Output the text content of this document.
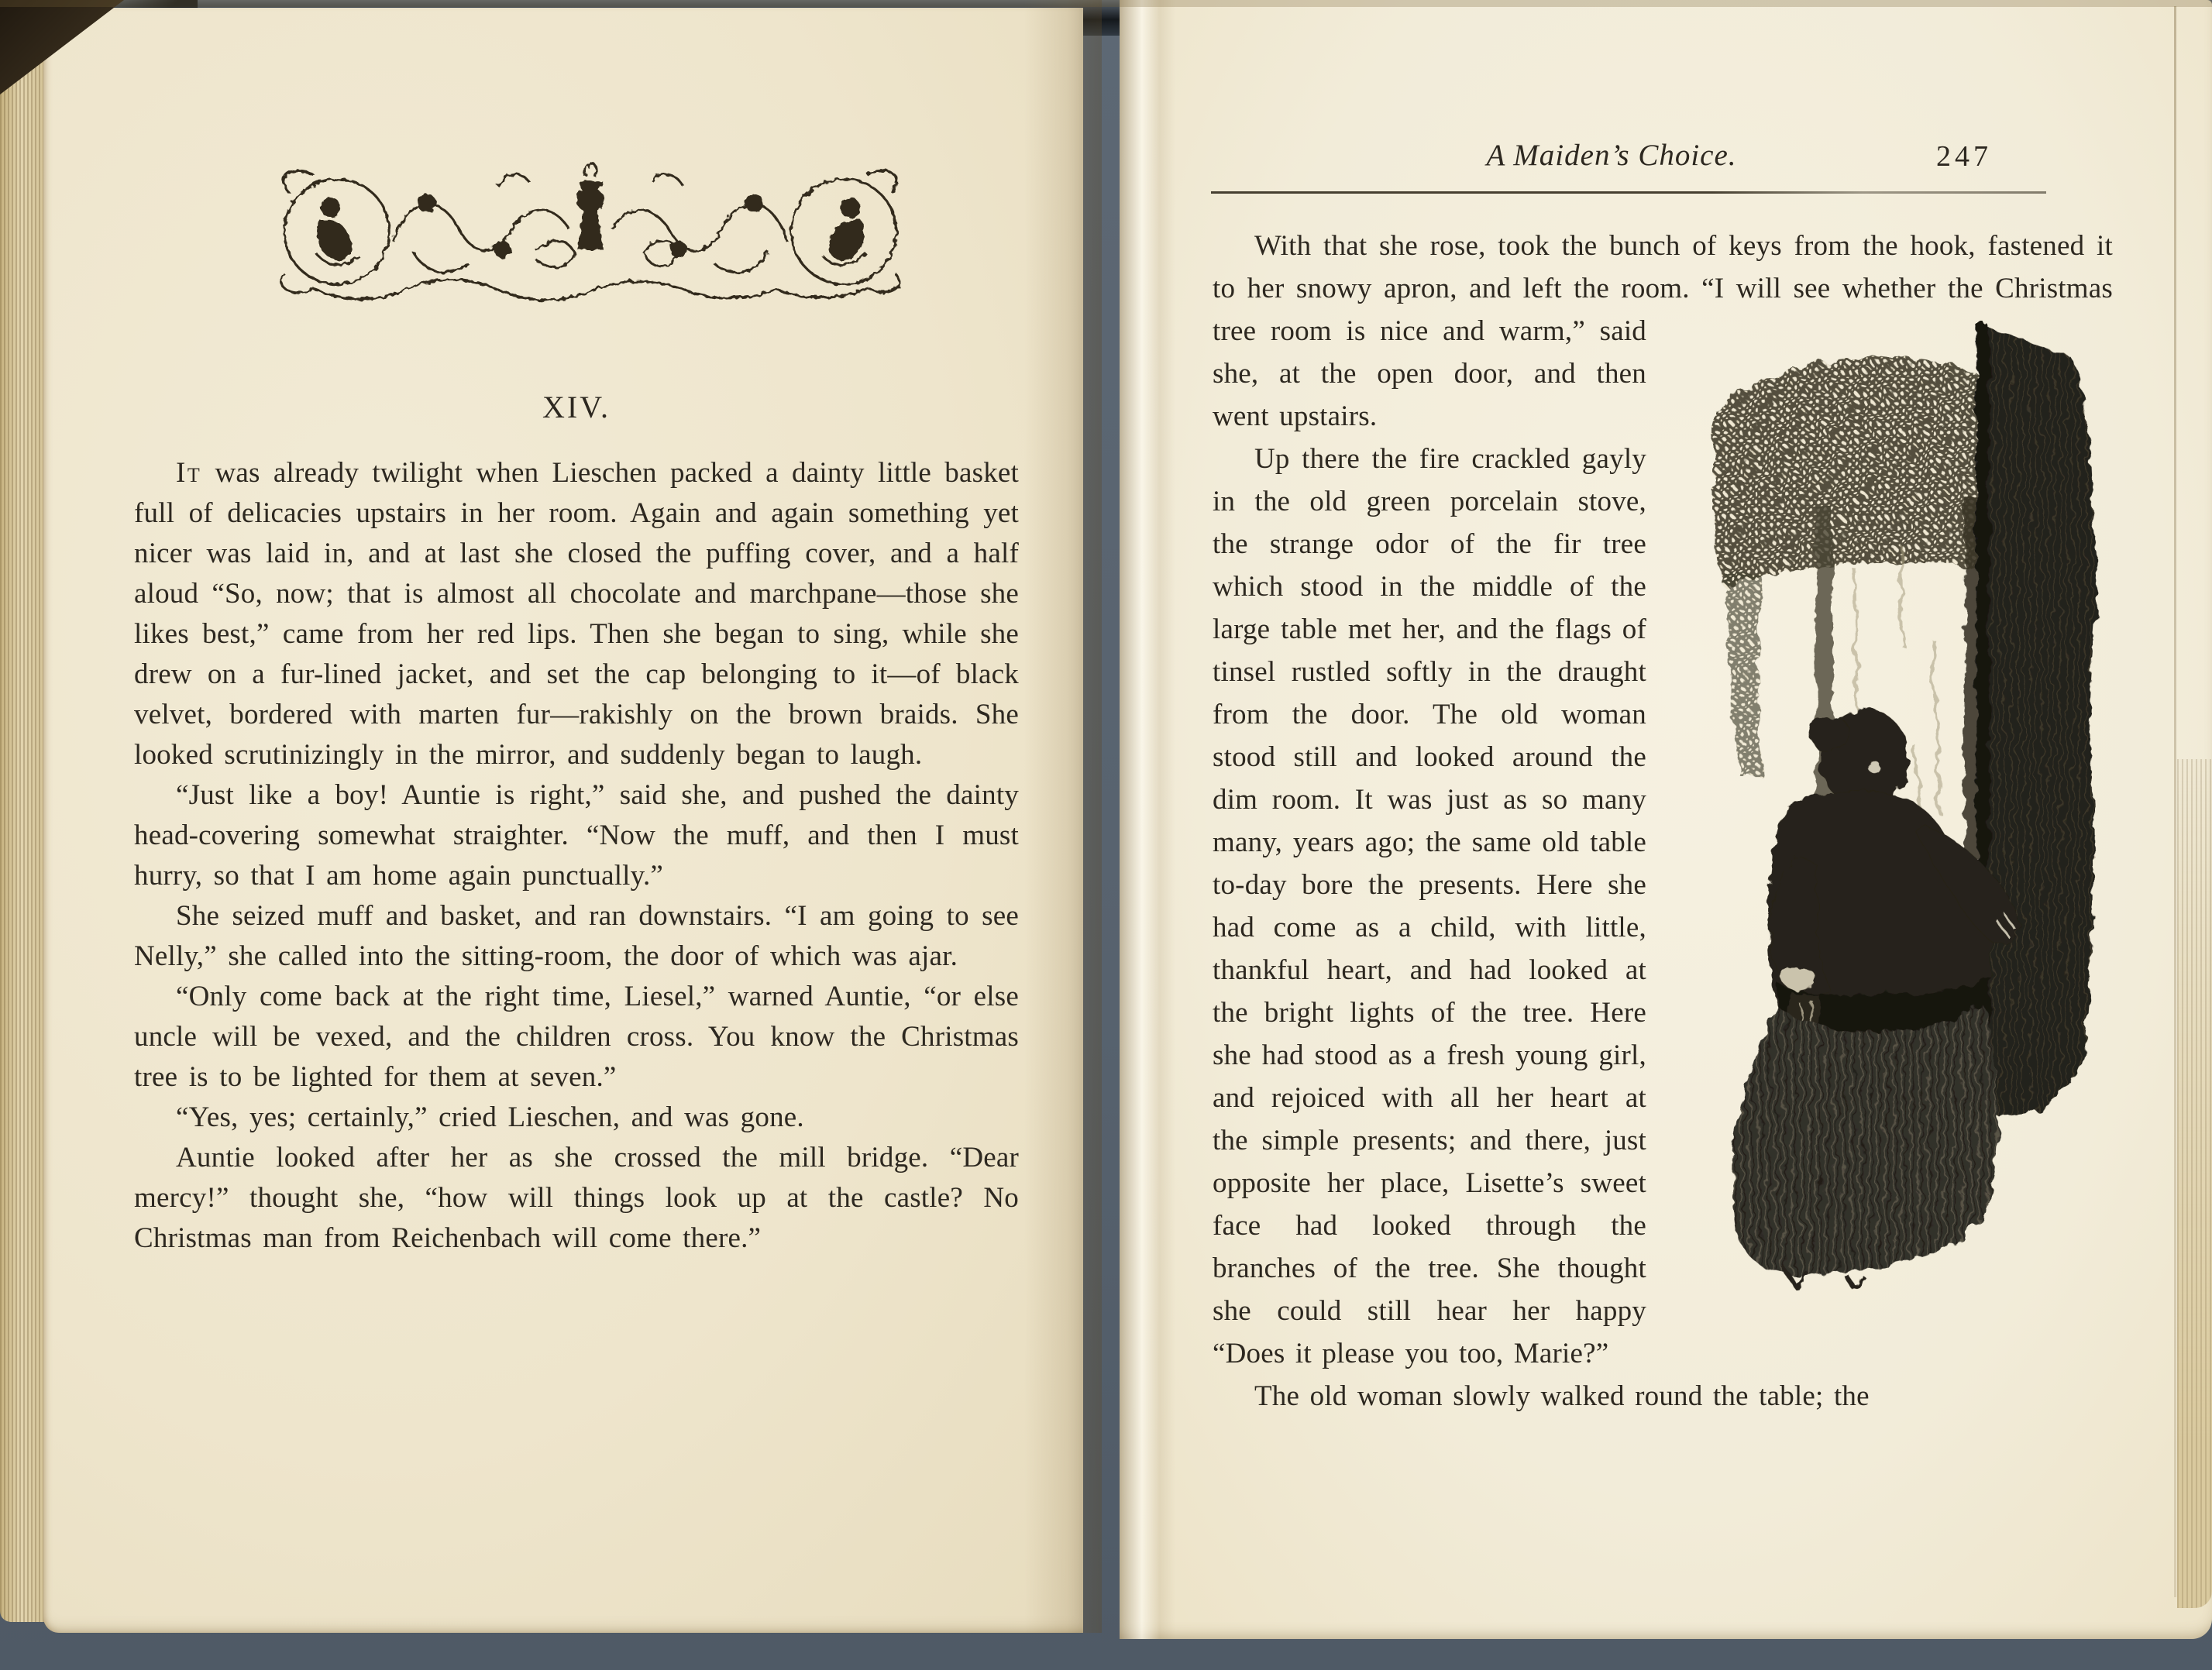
XIV.

It was already twilight when Lieschen packed a dainty little basket full of delicacies upstairs in her room. Again and again something yet nicer was laid in, and at last she closed the puffing cover, and a half aloud “So, now; that is almost all chocolate and marchpane—those she likes best,” came from her red lips. Then she began to sing, while she drew on a fur-lined jacket, and set the cap belonging to it—of black velvet, bordered with marten fur—rakishly on the brown braids. She looked scrutinizingly in the mirror, and suddenly began to laugh.

“Just like a boy! Auntie is right,” said she, and pushed the dainty head-covering somewhat straighter. “Now the muff, and then I must hurry, so that I am home again punctually.”

She seized muff and basket, and ran downstairs. “I am going to see Nelly,” she called into the sitting-room, the door of which was ajar.

“Only come back at the right time, Liesel,” warned Auntie, “or else uncle will be vexed, and the children cross. You know the Christmas tree is to be lighted for them at seven.”

“Yes, yes; certainly,” cried Lieschen, and was gone.

Auntie looked after her as she crossed the mill bridge. “Dear mercy!” thought she, “how will things look up at the castle? No Christmas man from Reichenbach will come there.”

A Maiden’s Choice.	247

With that she rose, took the bunch of keys from the hook, fastened it to her snowy apron, and left the room. “I will see whether the Christmas tree room is nice and warm,” said she, at the open door, and then went upstairs.

Up there the fire crackled gayly in the old green porcelain stove, the strange odor of the fir tree which stood in the middle of the large table met her, and the flags of tinsel rustled softly in the draught from the door. The old woman stood still and looked around the dim room. It was just as so many many, years ago; the same old table to-day bore the presents. Here she had come as a child, with little, thankful heart, and had looked at the bright lights of the tree. Here she had stood as a fresh young girl, and rejoiced with all her heart at the simple presents; and there, just opposite her place, Lisette’s sweet face had looked through the branches of the tree. She thought she could still hear her happy “Does it please you too, Marie?”

The old woman slowly walked round the table; the
